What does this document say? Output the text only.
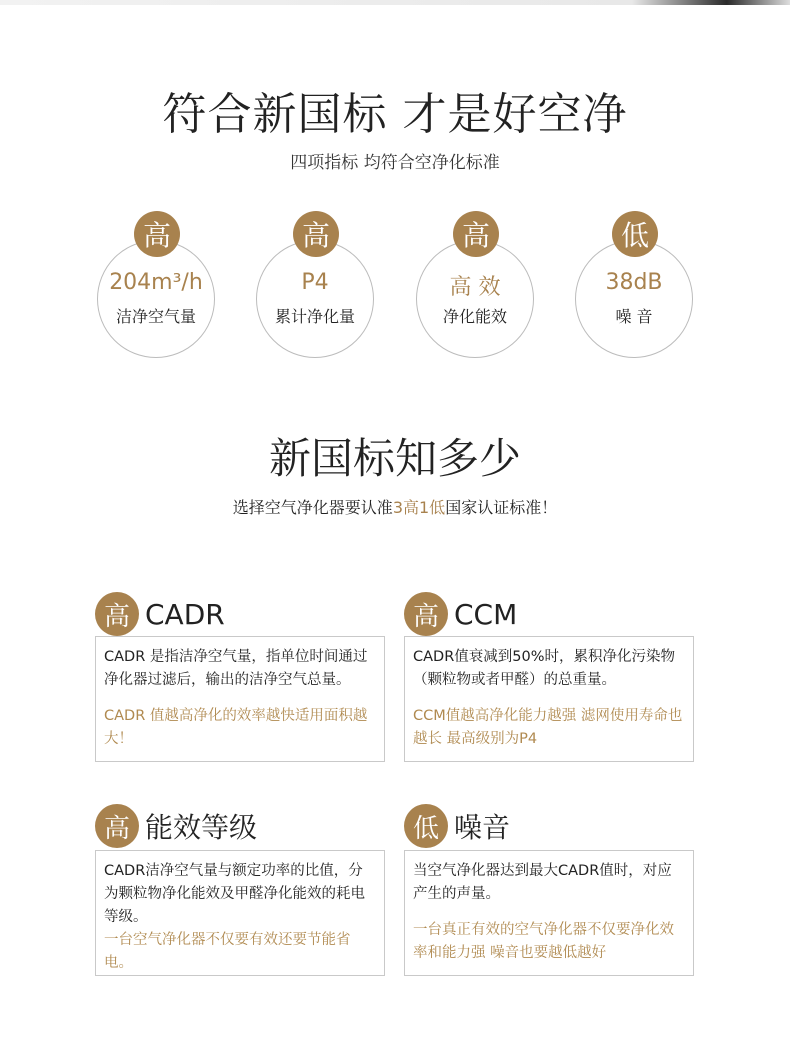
符合新国标 才是好空净
四项指标 均符合空净化标准
高
204m³/h
洁净空气量
高
P4
累计净化量
高
高 效
净化能效
低
38dB
噪 音
新国标知多少
选择空气净化器要认准3高1低国家认证标准！
高 CADR
CADR 是指洁净空气量，指单位时间通过净化器过滤后，输出的洁净空气总量。
CADR 值越高净化的效率越快适用面积越大！
高 CCM
CADR值衰减到50%时，累积净化污染物（颗粒物或者甲醛）的总重量。
CCM值越高净化能力越强 滤网使用寿命也越长 最高级别为P4
高 能效等级
CADR洁净空气量与额定功率的比值，分为颗粒物净化能效及甲醛净化能效的耗电等级。
一台空气净化器不仅要有效还要节能省电。
低 噪音
当空气净化器达到最大CADR值时，对应产生的声量。
一台真正有效的空气净化器不仅要净化效率和能力强 噪音也要越低越好
